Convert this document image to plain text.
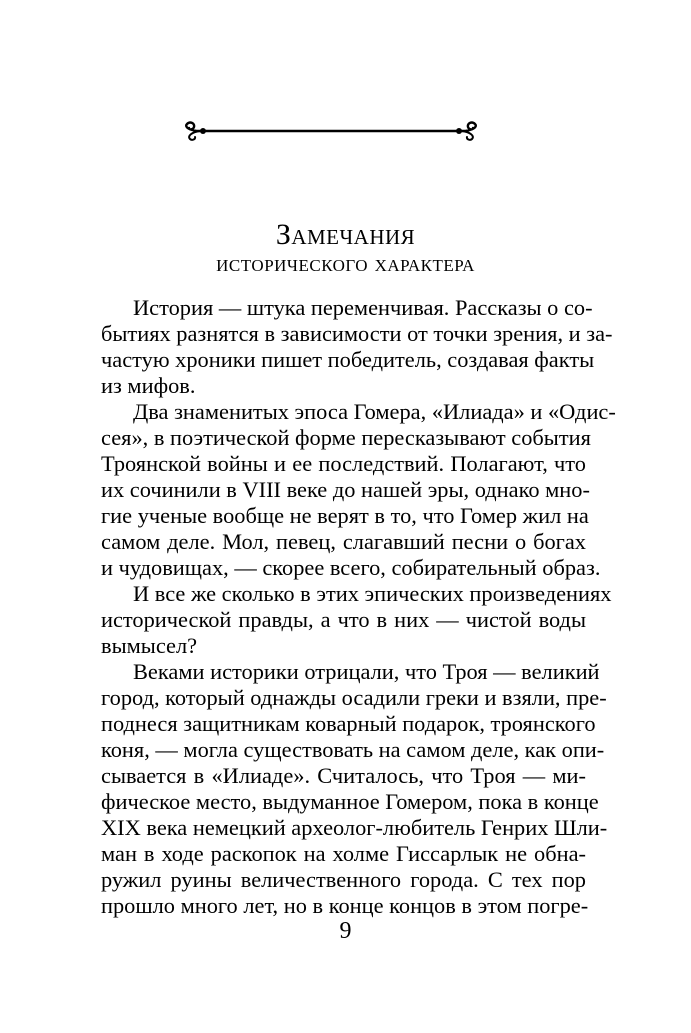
Замечания
исторического характера
История — штука переменчивая. Рассказы о со-
бытиях разнятся в зависимости от точки зрения, и за-
частую хроники пишет победитель, создавая факты
из мифов.
Два знаменитых эпоса Гомера, «Илиада» и «Одис-
сея», в поэтической форме пересказывают события
Троянской войны и ее последствий. Полагают, что
их сочинили в VIII веке до нашей эры, однако мно-
гие ученые вообще не верят в то, что Гомер жил на
самом деле. Мол, певец, слагавший песни о богах
и чудовищах, — скорее всего, собирательный образ.
И все же сколько в этих эпических произведениях
исторической правды, а что в них — чистой воды
вымысел?
Веками историки отрицали, что Троя — великий
город, который однажды осадили греки и взяли, пре-
поднеся защитникам коварный подарок, троянского
коня, — могла существовать на самом деле, как опи-
сывается в «Илиаде». Считалось, что Троя — ми-
фическое место, выдуманное Гомером, пока в конце
XIX века немецкий археолог-любитель Генрих Шли-
ман в ходе раскопок на холме Гиссарлык не обна-
ружил руины величественного города. С тех пор
прошло много лет, но в конце концов в этом погре-
9
